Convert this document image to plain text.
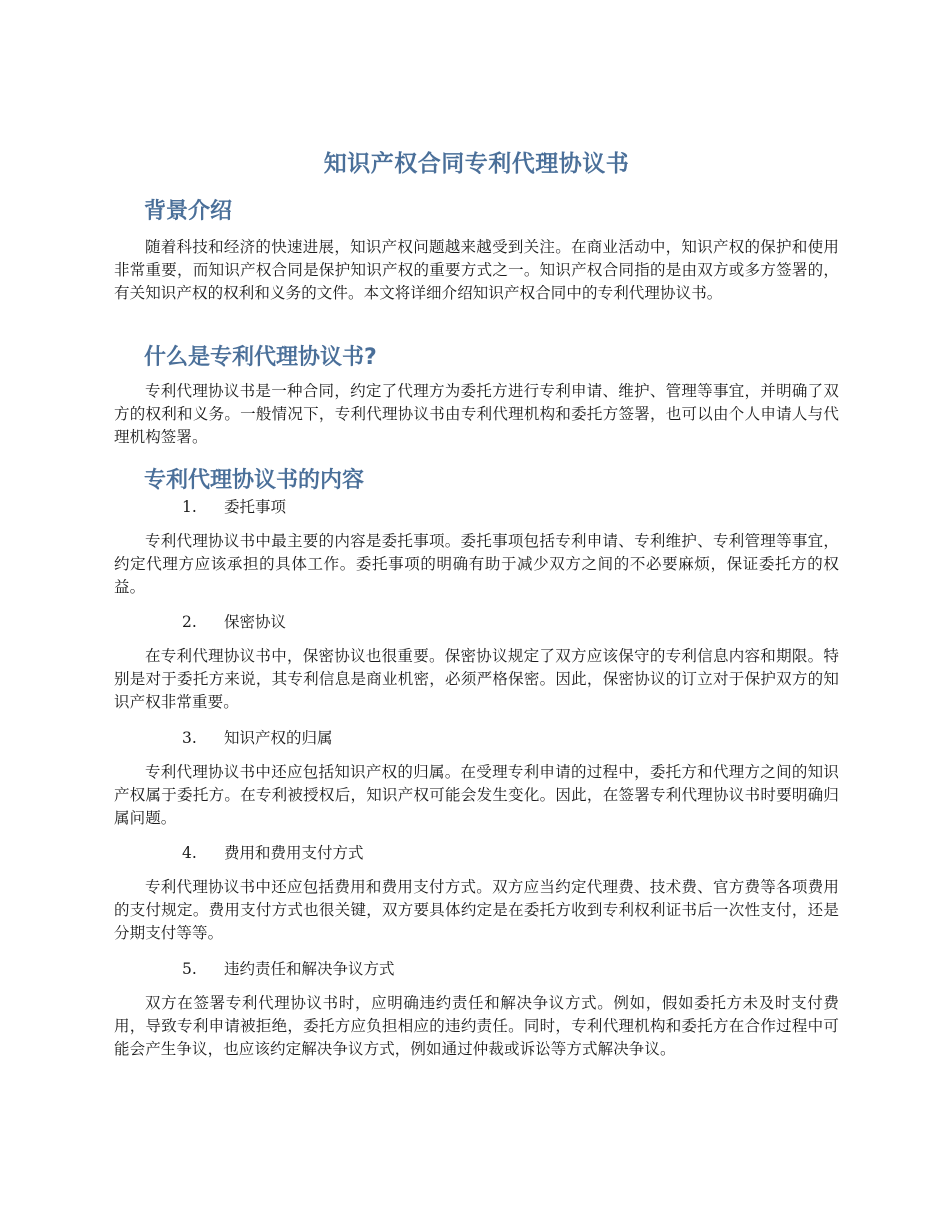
知识产权合同专利代理协议书
背景介绍

随着科技和经济的快速进展，知识产权问题越来越受到关注。在商业活动中，知识产权的保护和使用非常重要，而知识产权合同是保护知识产权的重要方式之一。知识产权合同指的是由双方或多方签署的，有关知识产权的权利和义务的文件。本文将详细介绍知识产权合同中的专利代理协议书。

什么是专利代理协议书?

专利代理协议书是一种合同，约定了代理方为委托方进行专利申请、维护、管理等事宜，并明确了双方的权利和义务。一般情况下，专利代理协议书由专利代理机构和委托方签署，也可以由个人申请人与代理机构签署。

专利代理协议书的内容
1. 委托事项

专利代理协议书中最主要的内容是委托事项。委托事项包括专利申请、专利维护、专利管理等事宜，约定代理方应该承担的具体工作。委托事项的明确有助于减少双方之间的不必要麻烦，保证委托方的权益。

2. 保密协议

在专利代理协议书中，保密协议也很重要。保密协议规定了双方应该保守的专利信息内容和期限。特别是对于委托方来说，其专利信息是商业机密，必须严格保密。因此，保密协议的订立对于保护双方的知识产权非常重要。

3. 知识产权的归属

专利代理协议书中还应包括知识产权的归属。在受理专利申请的过程中，委托方和代理方之间的知识产权属于委托方。在专利被授权后，知识产权可能会发生变化。因此，在签署专利代理协议书时要明确归属问题。

4. 费用和费用支付方式

专利代理协议书中还应包括费用和费用支付方式。双方应当约定代理费、技术费、官方费等各项费用的支付规定。费用支付方式也很关键，双方要具体约定是在委托方收到专利权利证书后一次性支付，还是分期支付等等。

5. 违约责任和解决争议方式

双方在签署专利代理协议书时，应明确违约责任和解决争议方式。例如，假如委托方未及时支付费用，导致专利申请被拒绝，委托方应负担相应的违约责任。同时，专利代理机构和委托方在合作过程中可能会产生争议，也应该约定解决争议方式，例如通过仲裁或诉讼等方式解决争议。
